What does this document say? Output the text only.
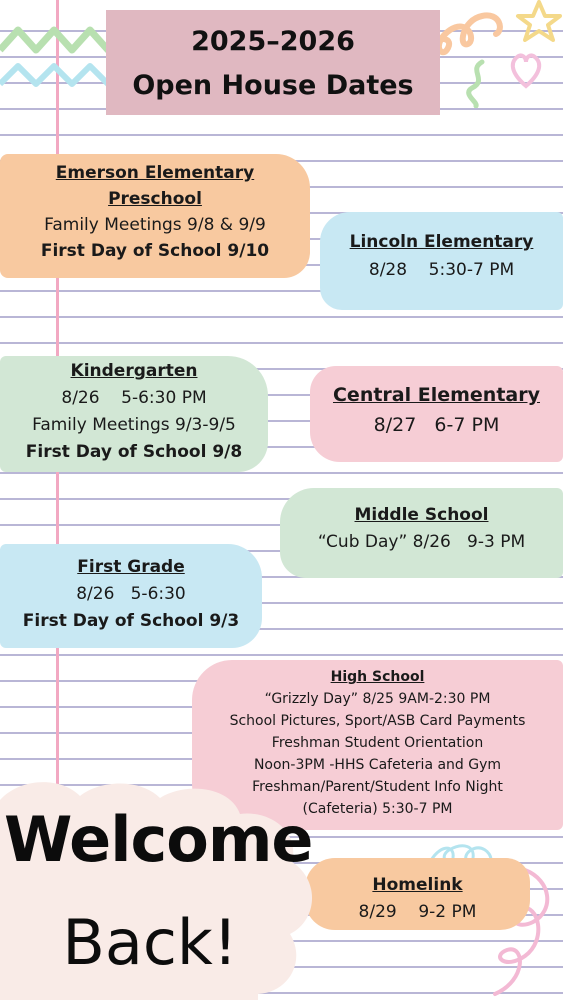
2025–2026
Open House Dates
Emerson Elementary
Preschool
Family Meetings 9/8 & 9/9
First Day of School 9/10	Lincoln Elementary
8/28    5:30-7 PM
Kindergarten
8/26    5-6:30 PM
Family Meetings 9/3-9/5
First Day of School 9/8
Central Elementary
8/27   6-7 PM
Middle School
“Cub Day” 8/26   9-3 PM
First Grade
8/26   5-6:30
First Day of School 9/3
High School
“Grizzly Day” 8/25 9AM-2:30 PM
School Pictures, Sport/ASB Card Payments
Freshman Student Orientation
Noon-3PM -HHS Cafeteria and Gym
Freshman/Parent/Student Info Night
(Cafeteria) 5:30-7 PM
Homelink
8/29    9-2 PM
Welcome
Back!
